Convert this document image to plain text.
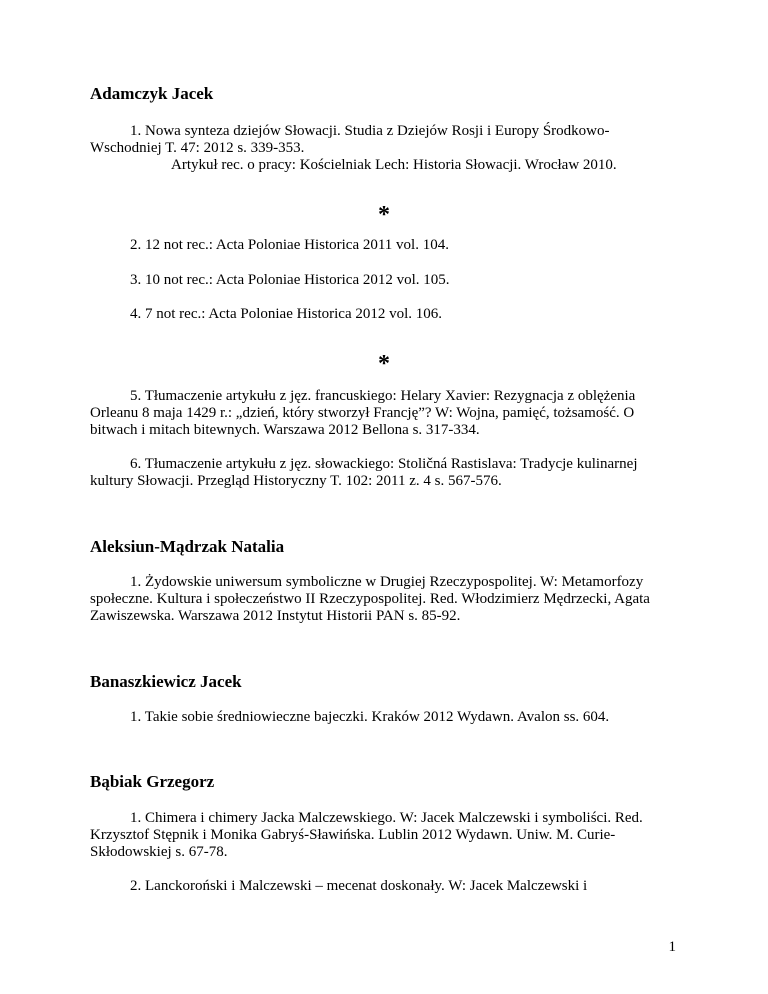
Adamczyk Jacek
1. Nowa synteza dziejów Słowacji. Studia z Dziejów Rosji i Europy Środkowo-
Wschodniej T. 47: 2012 s. 339-353.
Artykuł rec. o pracy: Kościelniak Lech: Historia Słowacji. Wrocław 2010.
*
2. 12 not rec.: Acta Poloniae Historica 2011 vol. 104.
3. 10 not rec.: Acta Poloniae Historica 2012 vol. 105.
4. 7 not rec.: Acta Poloniae Historica 2012 vol. 106.
*
5. Tłumaczenie artykułu z jęz. francuskiego: Helary Xavier: Rezygnacja z oblężenia
Orleanu 8 maja 1429 r.: „dzień, który stworzył Francję”? W: Wojna, pamięć, tożsamość. O
bitwach i mitach bitewnych. Warszawa 2012 Bellona s. 317-334.
6. Tłumaczenie artykułu z jęz. słowackiego: Stoličná Rastislava: Tradycje kulinarnej
kultury Słowacji. Przegląd Historyczny T. 102: 2011 z. 4 s. 567-576.
Aleksiun-Mądrzak Natalia
1. Żydowskie uniwersum symboliczne w Drugiej Rzeczypospolitej. W: Metamorfozy
społeczne. Kultura i społeczeństwo II Rzeczypospolitej. Red. Włodzimierz Mędrzecki, Agata
Zawiszewska. Warszawa 2012 Instytut Historii PAN s. 85-92.
Banaszkiewicz Jacek
1. Takie sobie średniowieczne bajeczki. Kraków 2012 Wydawn. Avalon ss. 604.
Bąbiak Grzegorz
1. Chimera i chimery Jacka Malczewskiego. W: Jacek Malczewski i symboliści. Red.
Krzysztof Stępnik i Monika Gabryś-Sławińska. Lublin 2012 Wydawn. Uniw. M. Curie-
Skłodowskiej s. 67-78.
2. Lanckoroński i Malczewski – mecenat doskonały. W: Jacek Malczewski i
1
